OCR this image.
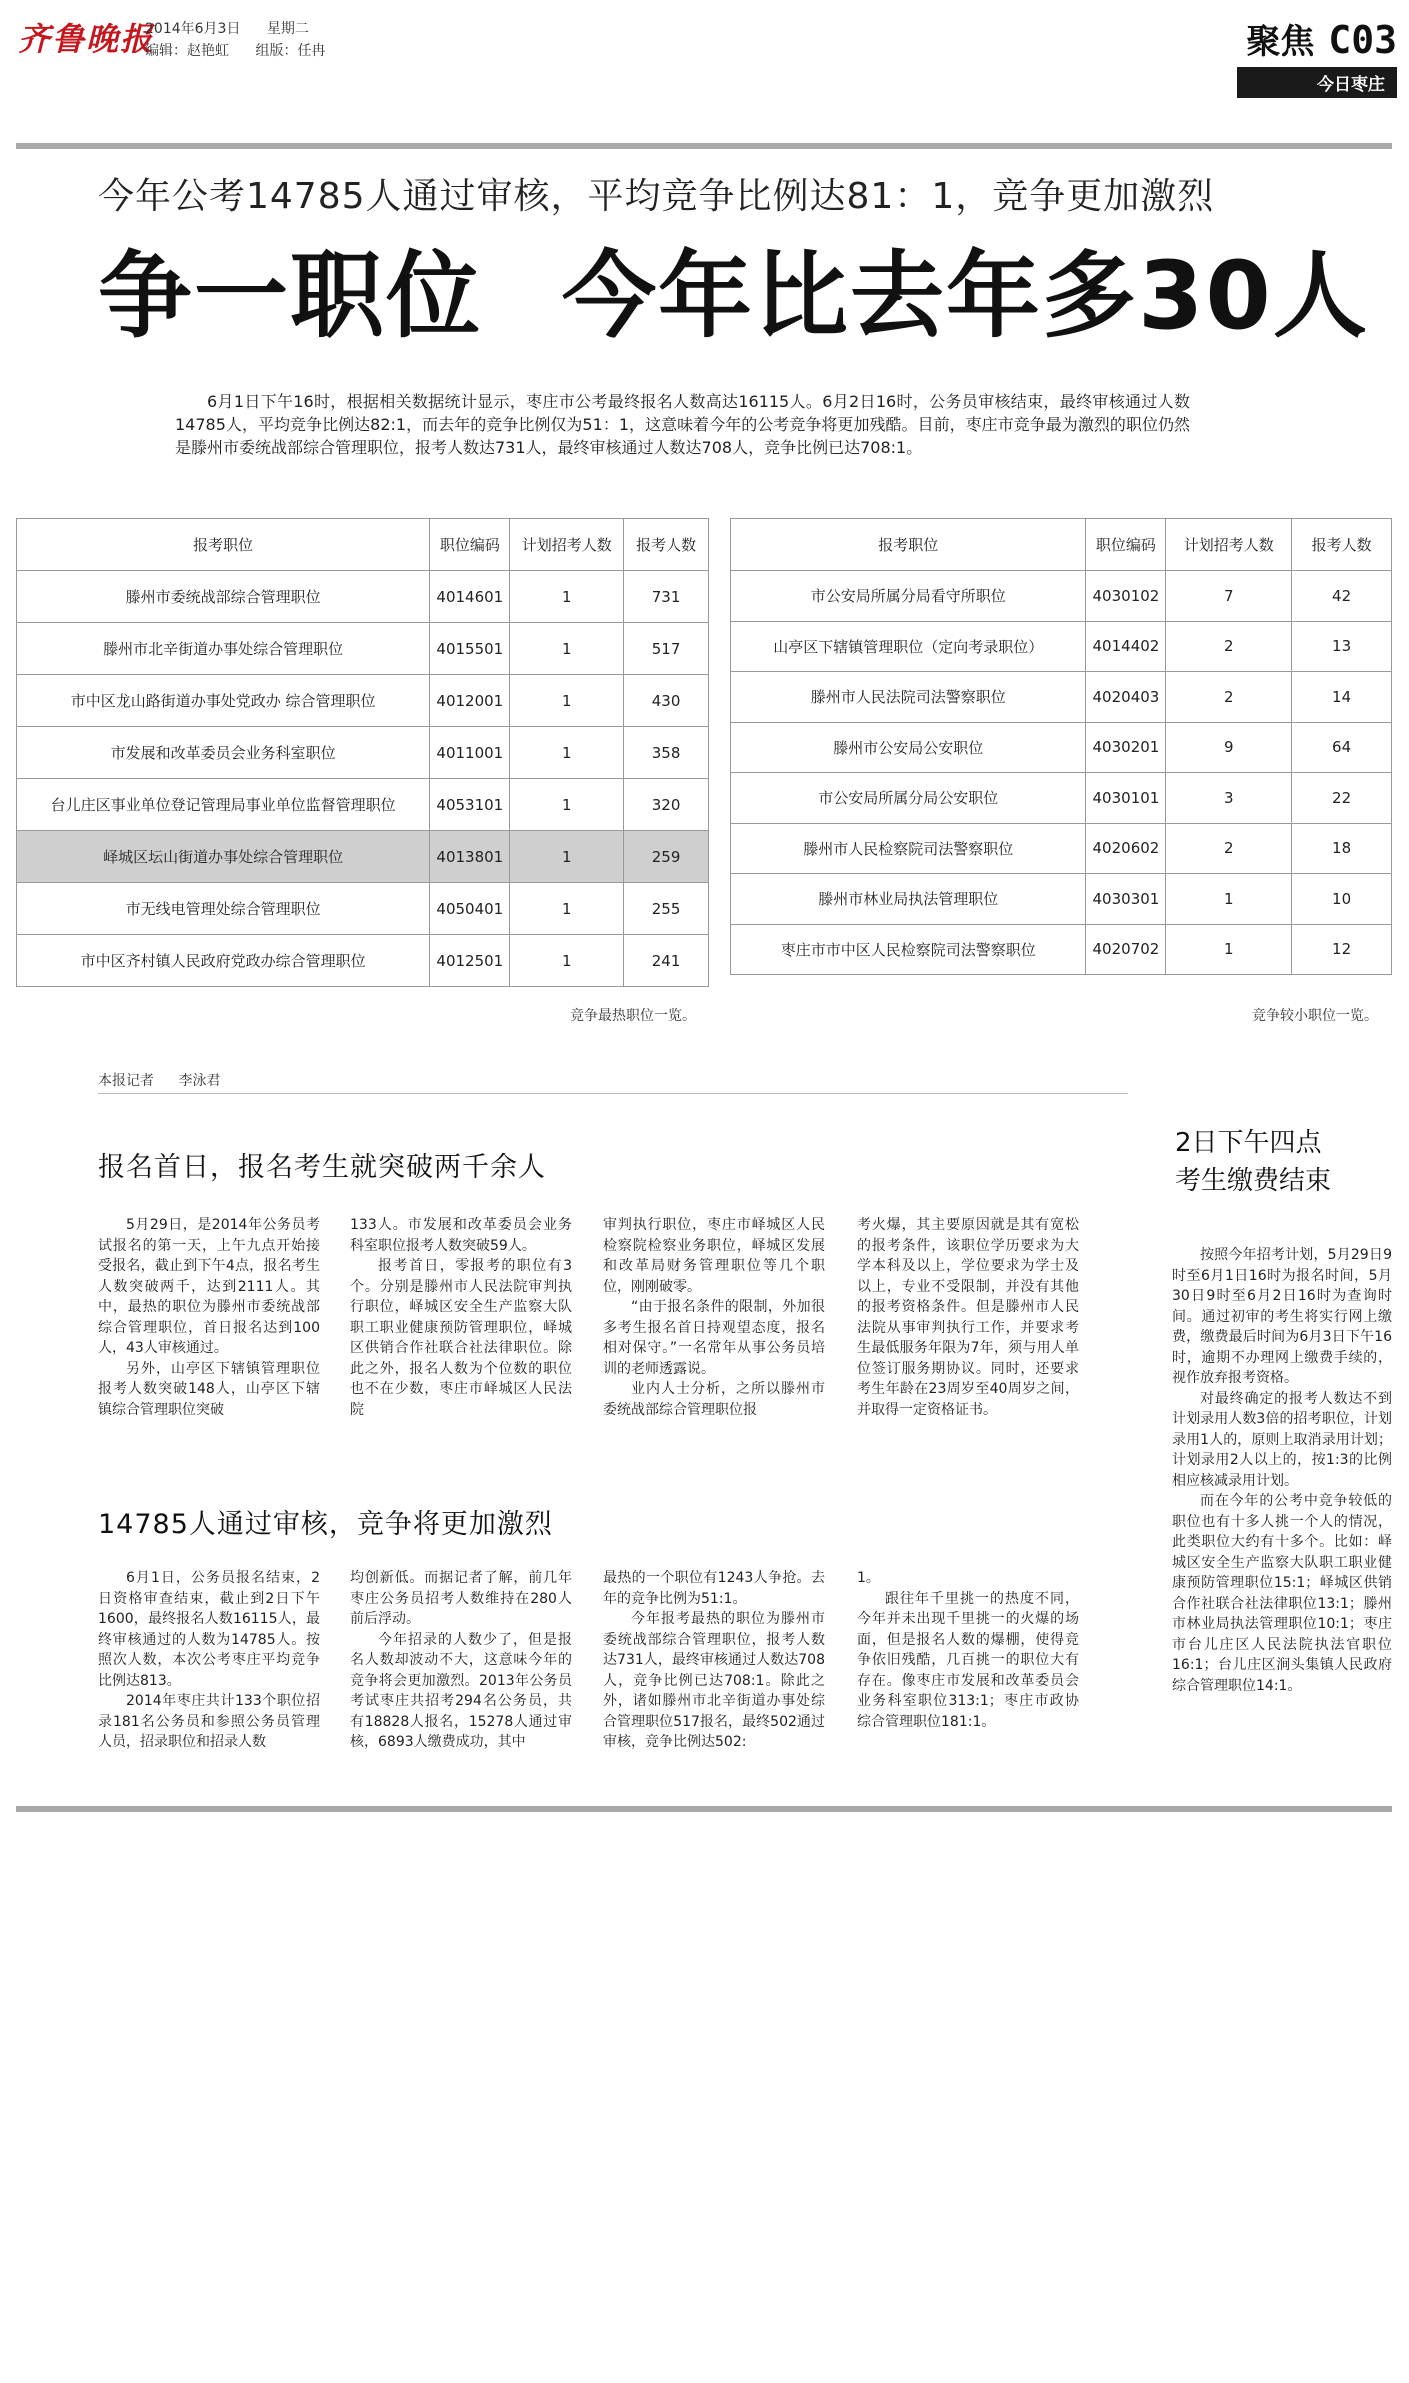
齐鲁晚报
2014年6月3日 星期二
编辑：赵艳虹 组版：任冉	聚焦 C03
今日枣庄
今年公考14785人通过审核，平均竞争比例达81：1，竞争更加激烈
争一职位 今年比去年多30人
6月1日下午16时，根据相关数据统计显示，枣庄市公考最终报名人数高达16115人。6月2日16时，公务员审核结束，最终审核通过人数14785人，平均竞争比例达82:1，而去年的竞争比例仅为51：1，这意味着今年的公考竞争将更加残酷。目前，枣庄市竞争最为激烈的职位仍然是滕州市委统战部综合管理职位，报考人数达731人，最终审核通过人数达708人，竞争比例已达708:1。
报考职位	职位编码	计划招考人数	报考人数
滕州市委统战部综合管理职位	4014601	1	731
滕州市北辛街道办事处综合管理职位	4015501	1	517
市中区龙山路街道办事处党政办 综合管理职位	4012001	1	430
市发展和改革委员会业务科室职位	4011001	1	358
台儿庄区事业单位登记管理局事业单位监督管理职位	4053101	1	320
峄城区坛山街道办事处综合管理职位	4013801	1	259
市无线电管理处综合管理职位	4050401	1	255
市中区齐村镇人民政府党政办综合管理职位	4012501	1	241
竞争最热职位一览。
报考职位	职位编码	计划招考人数	报考人数
市公安局所属分局看守所职位	4030102	7	42
山亭区下辖镇管理职位（定向考录职位）	4014402	2	13
滕州市人民法院司法警察职位	4020403	2	14
滕州市公安局公安职位	4030201	9	64
市公安局所属分局公安职位	4030101	3	22
滕州市人民检察院司法警察职位	4020602	2	18
滕州市林业局执法管理职位	4030301	1	10
枣庄市市中区人民检察院司法警察职位	4020702	1	12
竞争较小职位一览。
本报记者 李泳君
报名首日，报名考生就突破两千余人

5月29日，是2014年公务员考试报名的第一天，上午九点开始接受报名，截止到下午4点，报名考生人数突破两千，达到2111人。其中，最热的职位为滕州市委统战部综合管理职位，首日报名达到100人，43人审核通过。

另外，山亭区下辖镇管理职位报考人数突破148人，山亭区下辖镇综合管理职位突破

133人。市发展和改革委员会业务科室职位报考人数突破59人。

报考首日，零报考的职位有3个。分别是滕州市人民法院审判执行职位，峄城区安全生产监察大队职工职业健康预防管理职位，峄城区供销合作社联合社法律职位。除此之外，报名人数为个位数的职位也不在少数，枣庄市峄城区人民法院

审判执行职位，枣庄市峄城区人民检察院检察业务职位，峄城区发展和改革局财务管理职位等几个职位，刚刚破零。

“由于报名条件的限制，外加很多考生报名首日持观望态度，报名相对保守。”一名常年从事公务员培训的老师透露说。

业内人士分析，之所以滕州市委统战部综合管理职位报

考火爆，其主要原因就是其有宽松的报考条件，该职位学历要求为大学本科及以上，学位要求为学士及以上，专业不受限制，并没有其他的报考资格条件。但是滕州市人民法院从事审判执行工作，并要求考生最低服务年限为7年，须与用人单位签订服务期协议。同时，还要求考生年龄在23周岁至40周岁之间，并取得一定资格证书。

14785人通过审核，竞争将更加激烈

6月1日，公务员报名结束，2日资格审查结束，截止到2日下午1600，最终报名人数16115人，最终审核通过的人数为14785人。按照次人数，本次公考枣庄平均竞争比例达813。

2014年枣庄共计133个职位招录181名公务员和参照公务员管理人员，招录职位和招录人数

均创新低。而据记者了解，前几年枣庄公务员招考人数维持在280人前后浮动。

今年招录的人数少了，但是报名人数却波动不大，这意味今年的竞争将会更加激烈。2013年公务员考试枣庄共招考294名公务员，共有18828人报名，15278人通过审核，6893人缴费成功，其中

最热的一个职位有1243人争抢。去年的竞争比例为51:1。

今年报考最热的职位为滕州市委统战部综合管理职位，报考人数达731人，最终审核通过人数达708人，竞争比例已达708:1。除此之外，诸如滕州市北辛街道办事处综合管理职位517报名，最终502通过审核，竞争比例达502:

1。

跟往年千里挑一的热度不同，今年并未出现千里挑一的火爆的场面，但是报名人数的爆棚，使得竞争依旧残酷，几百挑一的职位大有存在。像枣庄市发展和改革委员会业务科室职位313:1；枣庄市政协综合管理职位181:1。

2日下午四点
考生缴费结束

按照今年招考计划，5月29日9时至6月1日16时为报名时间，5月30日9时至6月2日16时为查询时间。通过初审的考生将实行网上缴费，缴费最后时间为6月3日下午16时，逾期不办理网上缴费手续的，视作放弃报考资格。

对最终确定的报考人数达不到计划录用人数3倍的招考职位，计划录用1人的，原则上取消录用计划；计划录用2人以上的，按1:3的比例相应核减录用计划。

而在今年的公考中竞争较低的职位也有十多人挑一个人的情况，此类职位大约有十多个。比如：峄城区安全生产监察大队职工职业健康预防管理职位15:1；峄城区供销合作社联合社法律职位13:1；滕州市林业局执法管理职位10:1；枣庄市台儿庄区人民法院执法官职位16:1；台儿庄区涧头集镇人民政府综合管理职位14:1。
